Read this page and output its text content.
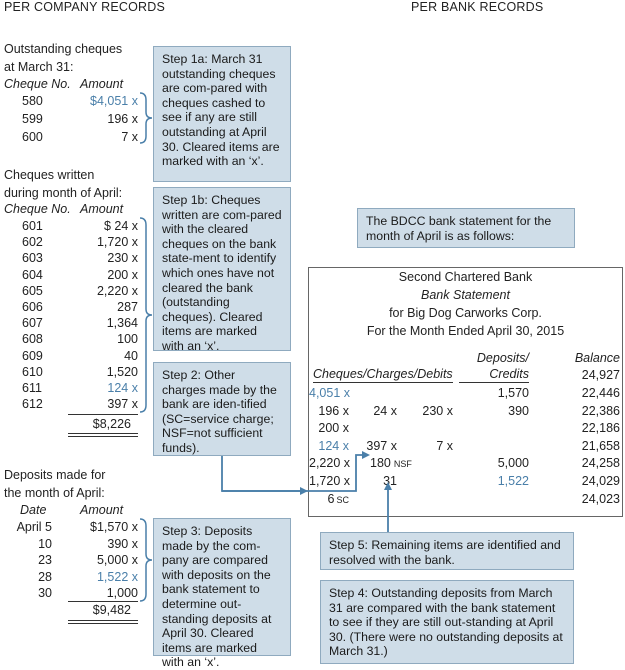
PER COMPANY RECORDS	PER BANK RECORDS
Outstanding cheques
at March 31:
Cheque No. Amount
580	$4,051 x
599	196 x
600	7 x
Cheques written
during month of April:
Cheque No. Amount
601	$ 24 x
602	1,720 x
603	230 x
604	200 x
605	2,220 x
606	287
607	1,364
608	100
609	40
610	1,520
611	124 x
612	397 x
$8,226
Deposits made for
the month of April:
Date	Amount
April 5	$1,570 x
10	390 x
23	5,000 x
28	1,522 x
30	1,000
$9,482
Step 1a: March 31 outstanding cheques are com-pared with cheques cashed to see if any are still outstanding at April 30. Cleared items are marked with an ‘x’.
Step 1b: Cheques written are com-pared with the cleared cheques on the bank state-ment to identify which ones have not cleared the bank (outstanding cheques). Cleared items are marked with an ‘x’.
Step 2: Other charges made by the bank are iden-tified (SC=service charge; NSF=not sufficient funds).
Step 3: Deposits made by the com-pany are compared with deposits on the bank statement to determine out-standing deposits at April 30. Cleared items are marked with an ‘x’.
The BDCC bank statement for the month of April is as follows:
Step 5: Remaining items are identified and resolved with the bank.
Step 4: Outstanding deposits from March 31 are compared with the bank statement to see if they are still out-standing at April 30. (There were no outstanding deposits at March 31.)
Second Chartered Bank
Bank Statement
for Big Dog Carworks Corp.
For the Month Ended April 30, 2015
Cheques/Charges/Debits
Deposits/
Credits
Balance
24,927
4,051 x	1,570	22,446
196 x	24 x	230 x	390	22,386
200 x	22,186
124 x	397 x	7 x	21,658
2,220 x	180 NSF	5,000	24,258
1,720 x	31	1,522	24,029
6 SC	24,023
